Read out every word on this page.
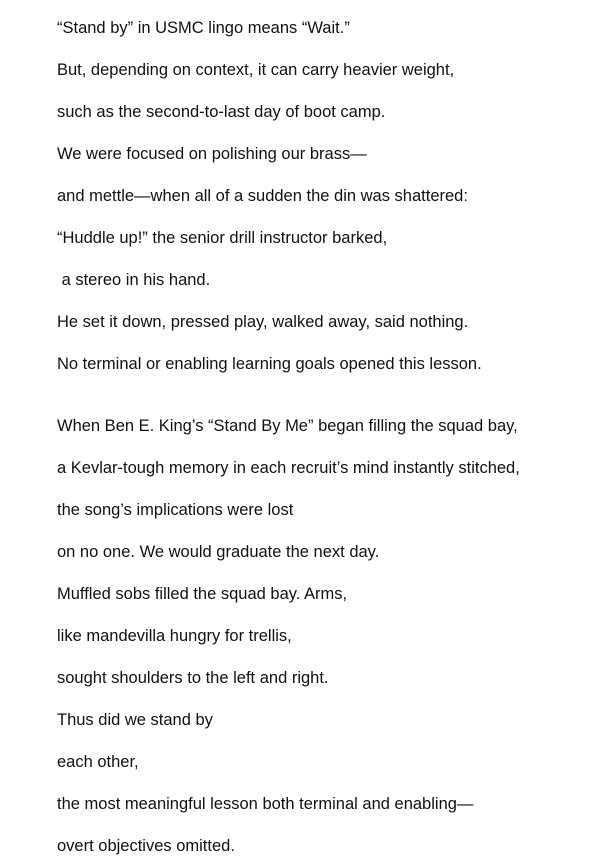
“Stand by” in USMC lingo means “Wait.”

But, depending on context, it can carry heavier weight,

such as the second-to-last day of boot camp.

We were focused on polishing our brass—

and mettle—when all of a sudden the din was shattered:

“Huddle up!” the senior drill instructor barked,

a stereo in his hand.

He set it down, pressed play, walked away, said nothing.

No terminal or enabling learning goals opened this lesson.

When Ben E. King’s “Stand By Me” began filling the squad bay,

a Kevlar-tough memory in each recruit’s mind instantly stitched,

the song’s implications were lost

on no one. We would graduate the next day.

Muffled sobs filled the squad bay. Arms,

like mandevilla hungry for trellis,

sought shoulders to the left and right.

Thus did we stand by

each other,

the most meaningful lesson both terminal and enabling—

overt objectives omitted.
